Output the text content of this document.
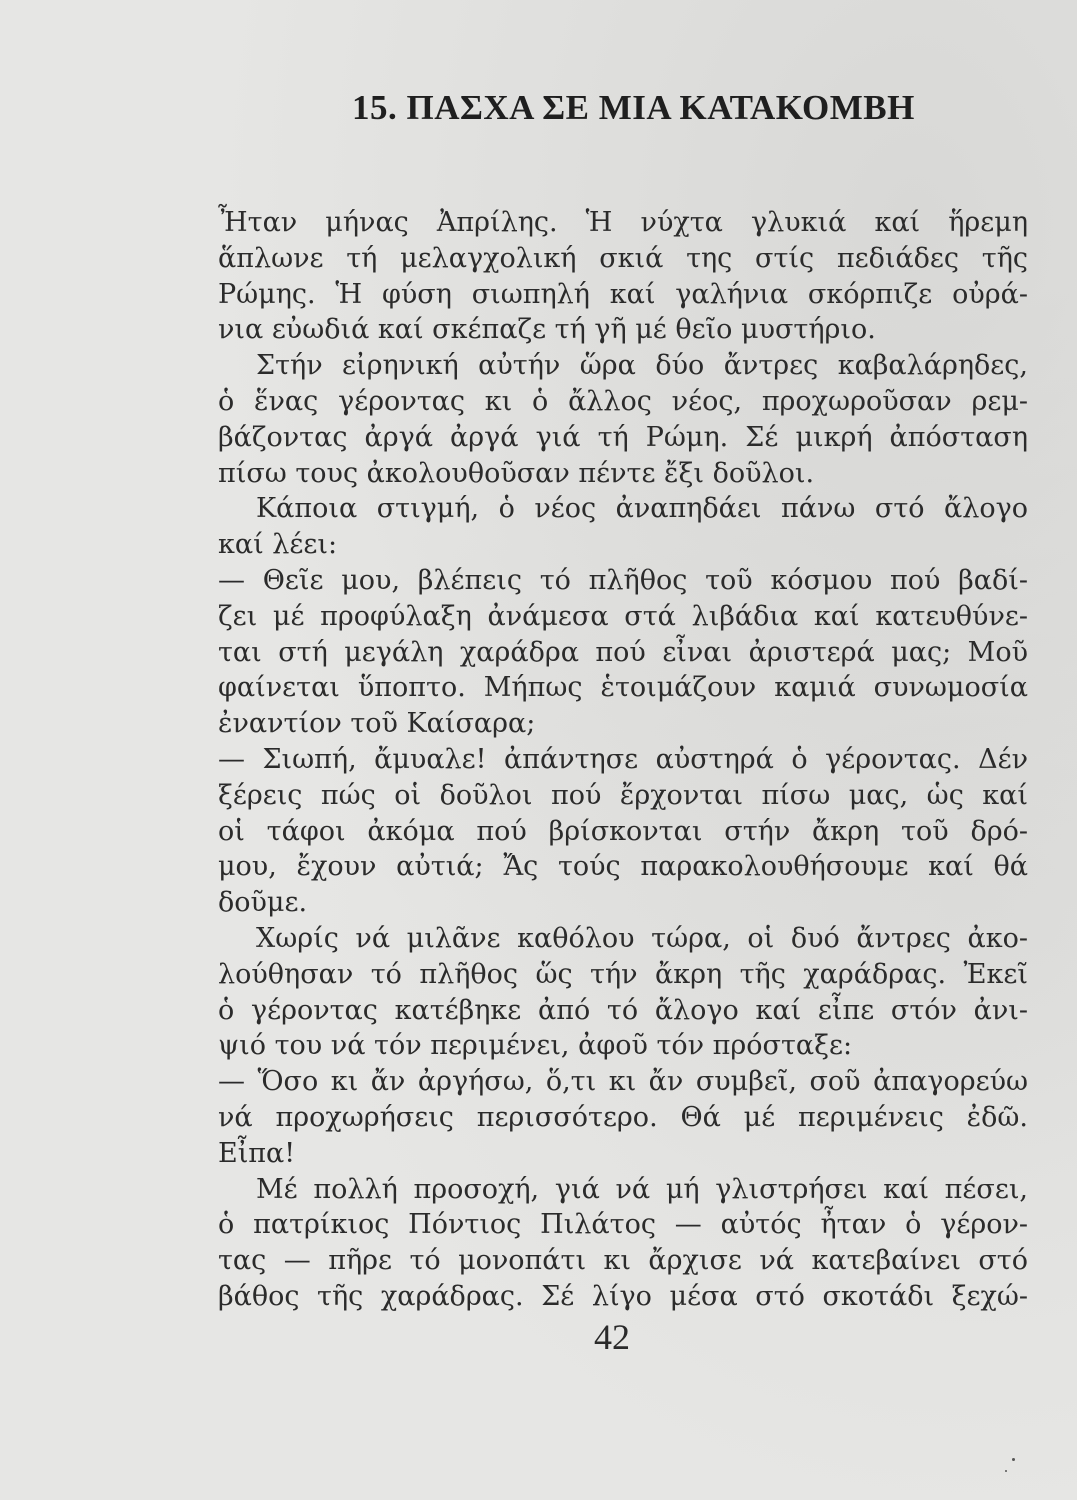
15. ΠΑΣΧΑ ΣΕ ΜΙΑ ΚΑΤΑΚΟΜΒΗ
Ἦταν μήνας Ἀπρίλης. Ἡ νύχτα γλυκιά καί ἥρεμη
ἅπλωνε τή μελαγχολική σκιά της στίς πεδιάδες τῆς
Ρώμης. Ἡ φύση σιωπηλή καί γαλήνια σκόρπιζε οὐρά-
νια εὐωδιά καί σκέπαζε τή γῆ μέ θεῖο μυστήριο.
Στήν εἰρηνική αὐτήν ὥρα δύο ἄντρες καβαλάρηδες,
ὁ ἕνας γέροντας κι ὁ ἄλλος νέος, προχωροῦσαν ρεμ-
βάζοντας ἀργά ἀργά γιά τή Ρώμη. Σέ μικρή ἀπόσταση
πίσω τους ἀκολουθοῦσαν πέντε ἔξι δοῦλοι.
Κάποια στιγμή, ὁ νέος ἀναπηδάει πάνω στό ἄλογο
καί λέει:
— Θεῖε μου, βλέπεις τό πλῆθος τοῦ κόσμου πού βαδί-
ζει μέ προφύλαξη ἀνάμεσα στά λιβάδια καί κατευθύνε-
ται στή μεγάλη χαράδρα πού εἶναι ἀριστερά μας; Μοῦ
φαίνεται ὕποπτο. Μήπως ἑτοιμάζουν καμιά συνωμοσία
ἐναντίον τοῦ Καίσαρα;
— Σιωπή, ἄμυαλε! ἀπάντησε αὐστηρά ὁ γέροντας. Δέν
ξέρεις πώς οἱ δοῦλοι πού ἔρχονται πίσω μας, ὡς καί
οἱ τάφοι ἀκόμα πού βρίσκονται στήν ἄκρη τοῦ δρό-
μου, ἔχουν αὐτιά; Ἄς τούς παρακολουθήσουμε καί θά
δοῦμε.
Χωρίς νά μιλᾶνε καθόλου τώρα, οἱ δυό ἄντρες ἀκο-
λούθησαν τό πλῆθος ὥς τήν ἄκρη τῆς χαράδρας. Ἐκεῖ
ὁ γέροντας κατέβηκε ἀπό τό ἄλογο καί εἶπε στόν ἀνι-
ψιό του νά τόν περιμένει, ἀφοῦ τόν πρόσταξε:
— Ὅσο κι ἄν ἀργήσω, ὅ,τι κι ἄν συμβεῖ, σοῦ ἀπαγορεύω
νά προχωρήσεις περισσότερο. Θά μέ περιμένεις ἐδῶ.
Εἶπα!
Μέ πολλή προσοχή, γιά νά μή γλιστρήσει καί πέσει,
ὁ πατρίκιος Πόντιος Πιλάτος — αὐτός ἦταν ὁ γέρον-
τας — πῆρε τό μονοπάτι κι ἄρχισε νά κατεβαίνει στό
βάθος τῆς χαράδρας. Σέ λίγο μέσα στό σκοτάδι ξεχώ-
42
